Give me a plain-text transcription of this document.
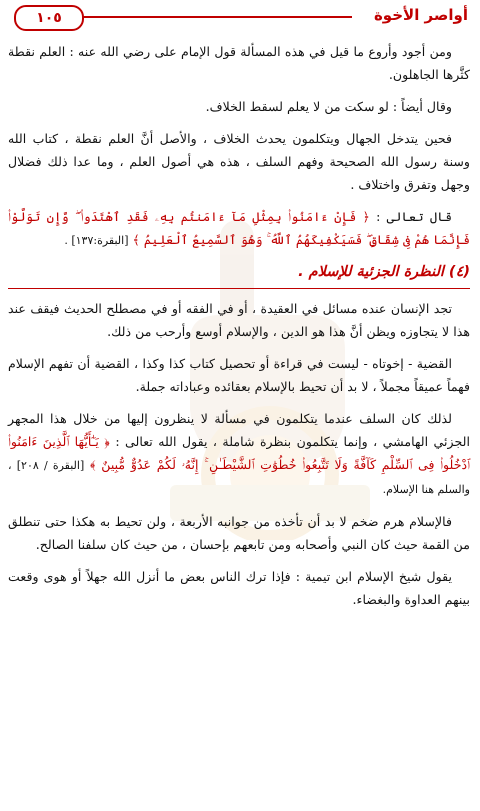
١٠٥	أواصر الأخوة

ومن أجود وأروع ما قيل في هذه المسألة قول الإمام على رضي الله عنه : العلم نقطة كثَّرها الجاهلون.

وقال أيضاً : لو سكت من لا يعلم لسقط الخلاف.

فحين يتدخل الجهال ويتكلمون يحدث الخلاف ، والأصل أنَّ العلم نقطة ، كتاب الله وسنة رسول الله الصحيحة وفهم السلف ، هذه هي أصول العلم ، وما عدا ذلك فضلال وجهل وتفرق واختلاف .

قال تعالى : ﴿ فَإِنْ ءَامَنُوا۟ بِمِثْلِ مَآ ءَامَنتُم بِهِۦ فَقَدِ ٱهْتَدَوا۟ ۖ وَّإِن تَوَلَّوْا۟ فَإِنَّمَا هُمْ فِى شِقَاقٍ ۖ فَسَيَكْفِيكَهُمُ ٱللَّهُ ۚ وَهُوَ ٱلسَّمِيعُ ٱلْعَلِيمُ ﴾ [البقرة:١٣٧] .

(٤) النظرة الجزئية للإسلام .

تجد الإنسان عنده مسائل في العقيدة ، أو في الفقه أو في مصطلح الحديث فيقف عند هذا لا يتجاوزه ويظن أنَّ هذا هو الدين ، والإسلام أوسع وأرحب من ذلك.

القضية - إخوتاه - ليست في قراءة أو تحصيل كتاب كذا وكذا ، القضية أن تفهم الإسلام فهماً عميقاً مجملاً ، لا بد أن تحيط بالإسلام بعقائده وعباداته جملة.

لذلك كان السلف عندما يتكلمون في مسألة لا ينظرون إليها من خلال هذا المجهر الجزئي الهامشي ، وإنما يتكلمون بنظرة شاملة ، يقول الله تعالى : ﴿ يَـٰٓأَيُّهَا ٱلَّذِينَ ءَامَنُوا۟ ٱدْخُلُوا۟ فِى ٱلسِّلْمِ كَآفَّةً وَلَا تَتَّبِعُوا۟ خُطُوَٰتِ ٱلشَّيْطَـٰنِ ۚ إِنَّهُۥ لَكُمْ عَدُوٌّ مُّبِينٌ ﴾ [البقرة / ٢٠٨] ، والسلم هنا الإسلام.

فالإسلام هرم ضخم لا بد أن تأخذه من جوانبه الأربعة ، ولن تحيط به هكذا حتى تنطلق من القمة حيث كان النبي وأصحابه ومن تابعهم بإحسان ، من حيث كان سلفنا الصالح.

يقول شيخ الإسلام ابن تيمية : فإذا ترك الناس بعض ما أنزل الله جهلاً أو هوى وقعت بينهم العداوة والبغضاء.
